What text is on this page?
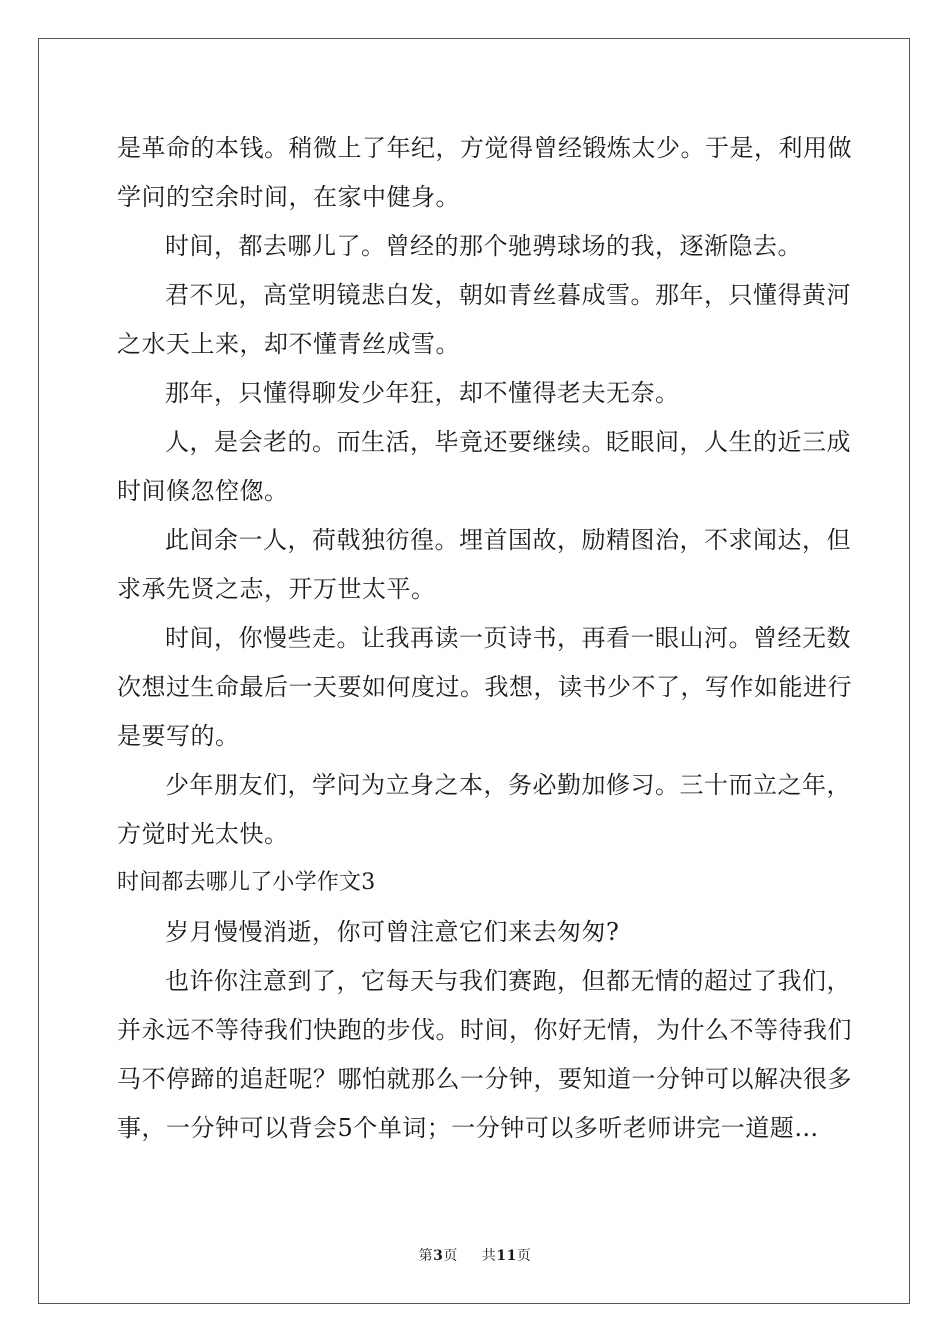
是革命的本钱。稍微上了年纪，方觉得曾经锻炼太少。于是，利用做
学问的空余时间，在家中健身。
时间，都去哪儿了。曾经的那个驰骋球场的我，逐渐隐去。
君不见，高堂明镜悲白发，朝如青丝暮成雪。那年，只懂得黄河
之水天上来，却不懂青丝成雪。
那年，只懂得聊发少年狂，却不懂得老夫无奈。
人，是会老的。而生活，毕竟还要继续。眨眼间，人生的近三成
时间倏忽倥偬。
此间余一人，荷戟独彷徨。埋首国故，励精图治，不求闻达，但
求承先贤之志，开万世太平。
时间，你慢些走。让我再读一页诗书，再看一眼山河。曾经无数
次想过生命最后一天要如何度过。我想，读书少不了，写作如能进行
是要写的。
少年朋友们，学问为立身之本，务必勤加修习。三十而立之年，
方觉时光太快。
时间都去哪儿了小学作文3
岁月慢慢消逝，你可曾注意它们来去匆匆?
也许你注意到了，它每天与我们赛跑，但都无情的超过了我们，
并永远不等待我们快跑的步伐。时间，你好无情，为什么不等待我们
马不停蹄的追赶呢？哪怕就那么一分钟，要知道一分钟可以解决很多
事，一分钟可以背会5个单词；一分钟可以多听老师讲完一道题…
第3页 共11页
